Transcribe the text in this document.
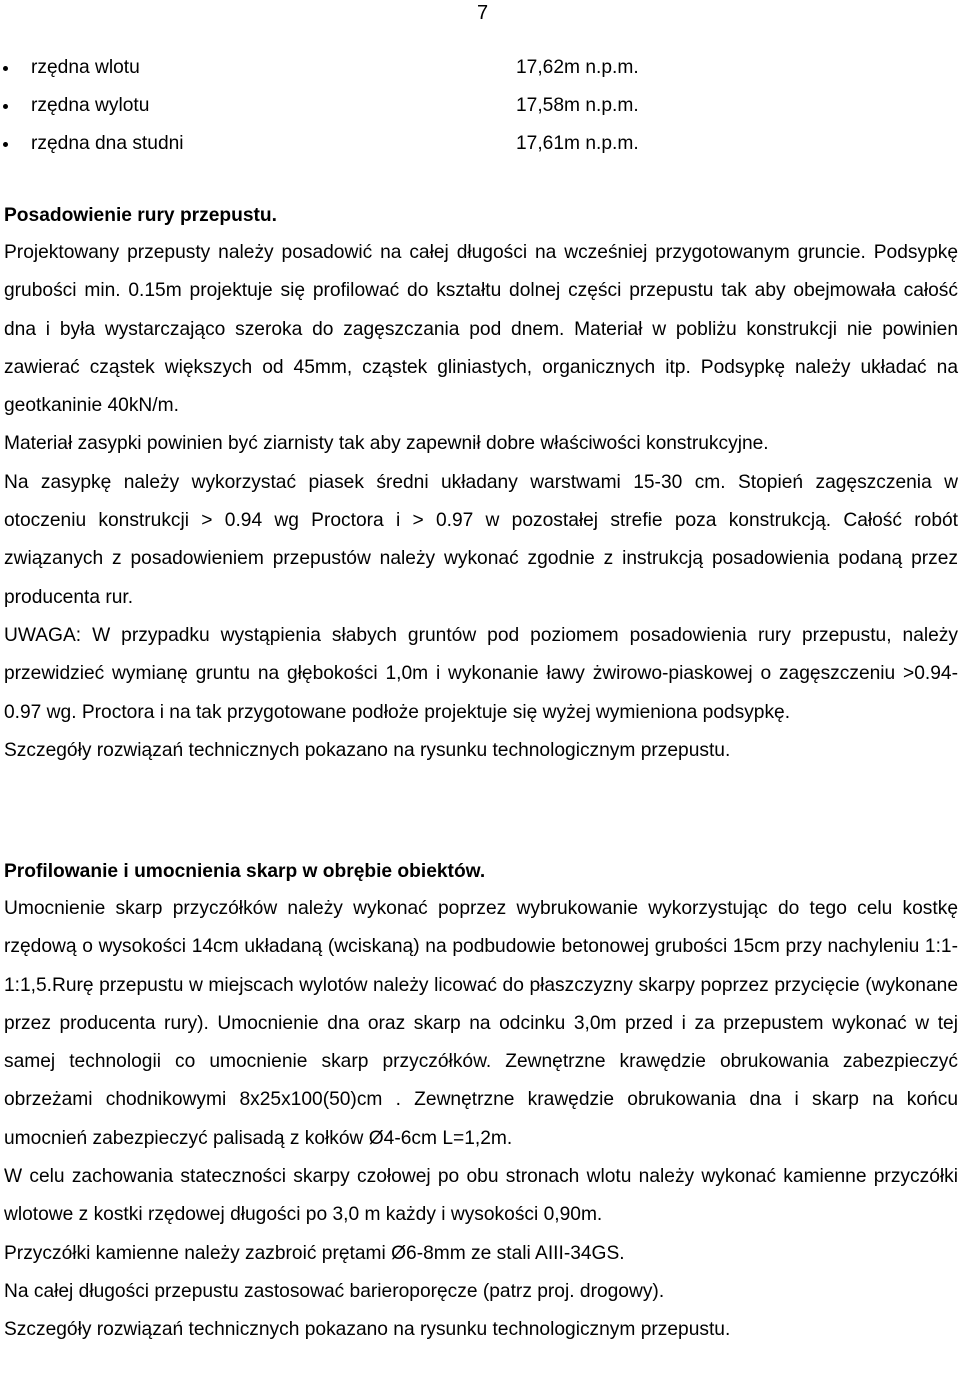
7
rzędna wlotu	17,62m n.p.m.
rzędna wylotu	17,58m n.p.m.
rzędna dna studni	17,61m n.p.m.

Posadowienie rury przepustu.

Projektowany przepusty należy posadowić na całej długości na wcześniej przygotowanym gruncie. Podsypkę grubości min. 0.15m projektuje się profilować do kształtu dolnej części przepustu tak aby obejmowała całość dna i była wystarczająco szeroka do zagęszczania pod dnem. Materiał w pobliżu konstrukcji nie powinien zawierać cząstek większych od 45mm, cząstek gliniastych, organicznych itp. Podsypkę należy układać na geotkaninie 40kN/m.

Materiał zasypki powinien być ziarnisty tak aby zapewnił dobre właściwości konstrukcyjne.

Na zasypkę należy wykorzystać piasek średni układany warstwami 15-30 cm. Stopień zagęszczenia w otoczeniu konstrukcji > 0.94 wg Proctora i > 0.97 w pozostałej strefie poza konstrukcją. Całość robót związanych z posadowieniem przepustów należy wykonać zgodnie z instrukcją posadowienia podaną przez producenta rur.

UWAGA: W przypadku wystąpienia słabych gruntów pod poziomem posadowienia rury przepustu, należy przewidzieć wymianę gruntu na głębokości 1,0m i wykonanie ławy żwirowo-piaskowej o zagęszczeniu >0.94-0.97 wg. Proctora i na tak przygotowane podłoże projektuje się wyżej wymieniona podsypkę.

Szczegóły rozwiązań technicznych pokazano na rysunku technologicznym przepustu.

Profilowanie i umocnienia skarp w obrębie obiektów.

Umocnienie skarp przyczółków należy wykonać poprzez wybrukowanie wykorzystując do tego celu kostkę rzędową o wysokości 14cm układaną (wciskaną) na podbudowie betonowej grubości 15cm przy nachyleniu 1:1-1:1,5.Rurę przepustu w miejscach wylotów należy licować do płaszczyzny skarpy poprzez przycięcie (wykonane przez producenta rury). Umocnienie dna oraz skarp na odcinku 3,0m przed i za przepustem wykonać w tej samej technologii co umocnienie skarp przyczółków. Zewnętrzne krawędzie obrukowania zabezpieczyć obrzeżami chodnikowymi 8x25x100(50)cm . Zewnętrzne krawędzie obrukowania dna i skarp na końcu umocnień zabezpieczyć palisadą z kołków Ø4-6cm L=1,2m.

W celu zachowania stateczności skarpy czołowej po obu stronach wlotu należy wykonać kamienne przyczółki wlotowe z kostki rzędowej długości po 3,0 m każdy i wysokości 0,90m.

Przyczółki kamienne należy zazbroić prętami Ø6-8mm ze stali AIII-34GS.

Na całej długości przepustu zastosować barieroporęcze (patrz proj. drogowy).

Szczegóły rozwiązań technicznych pokazano na rysunku technologicznym przepustu.
